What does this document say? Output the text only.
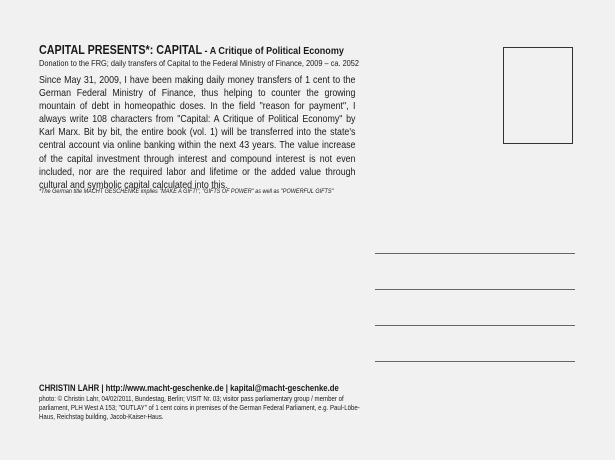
CAPITAL PRESENTS*: CAPITAL - A Critique of Political Economy
Donation to the FRG; daily transfers of Capital to the Federal Ministry of Finance, 2009 – ca. 2052

Since May 31, 2009, I have been making daily money transfers of 1 cent to the German Federal Ministry of Finance, thus helping to counter the growing mountain of debt in homeopathic doses. In the field "reason for payment", I always write 108 characters from "Capital: A Critique of Political Economy" by Karl Marx. Bit by bit, the entire book (vol. 1) will be transferred into the state's central account via online banking within the next 43 years. The value increase of the capital investment through interest and compound interest is not even included, nor are the required labor and lifetime or the added value through cultural and symbolic capital calculated into this.

*The German title MACHT GESCHENKE implies "MAKE A GIFT!", "GIFTS OF POWER" as well as "POWERFUL GIFTS"
CHRISTIN LAHR | http://www.macht-geschenke.de | kapital@macht-geschenke.de

photo: © Christin Lahr, 04/02/2011, Bundestag, Berlin; VISIT Nr. 03; visitor pass parliamentary group / member of parliament, PLH West A 153; "OUTLAY" of 1 cent coins in premises of the German Federal Parliament, e.g. Paul-Löbe-Haus, Reichstag building, Jacob-Kaiser-Haus.
